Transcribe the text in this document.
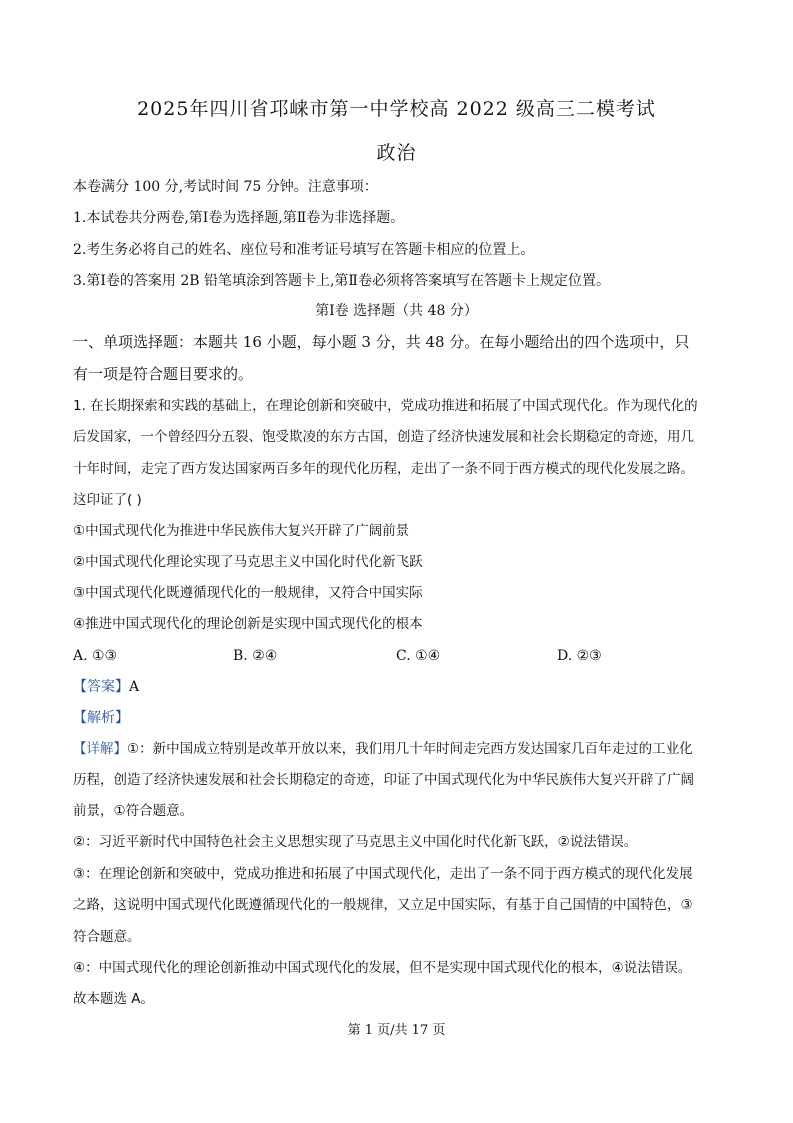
2025年四川省邛崃市第一中学校高 2022 级高三二模考试
政治
本卷满分 100 分,考试时间 75 分钟。注意事项：
1.本试卷共分两卷,第Ⅰ卷为选择题,第Ⅱ卷为非选择题。
2.考生务必将自己的姓名、座位号和准考证号填写在答题卡相应的位置上。
3.第Ⅰ卷的答案用 2B 铅笔填涂到答题卡上,第Ⅱ卷必须将答案填写在答题卡上规定位置。
第Ⅰ卷 选择题（共 48 分）
一、单项选择题：本题共 16 小题，每小题 3 分，共 48 分。在每小题给出的四个选项中，只
有一项是符合题目要求的。
1. 在长期探索和实践的基础上，在理论创新和突破中，党成功推进和拓展了中国式现代化。作为现代化的
后发国家，一个曾经四分五裂、饱受欺凌的东方古国，创造了经济快速发展和社会长期稳定的奇迹，用几
十年时间，走完了西方发达国家两百多年的现代化历程，走出了一条不同于西方模式的现代化发展之路。
这印证了( )
①中国式现代化为推进中华民族伟大复兴开辟了广阔前景
②中国式现代化理论实现了马克思主义中国化时代化新飞跃
③中国式现代化既遵循现代化的一般规律，又符合中国实际
④推进中国式现代化的理论创新是实现中国式现代化的根本
A. ①③	B. ②④	C. ①④	D. ②③
【答案】A
【解析】
【详解】①：新中国成立特别是改革开放以来，我们用几十年时间走完西方发达国家几百年走过的工业化
历程，创造了经济快速发展和社会长期稳定的奇迹，印证了中国式现代化为中华民族伟大复兴开辟了广阔
前景，①符合题意。
②：习近平新时代中国特色社会主义思想实现了马克思主义中国化时代化新飞跃，②说法错误。
③：在理论创新和突破中，党成功推进和拓展了中国式现代化，走出了一条不同于西方模式的现代化发展
之路，这说明中国式现代化既遵循现代化的一般规律，又立足中国实际，有基于自己国情的中国特色，③
符合题意。
④：中国式现代化的理论创新推动中国式现代化的发展，但不是实现中国式现代化的根本，④说法错误。
故本题选 A。
第 1 页/共 17 页
